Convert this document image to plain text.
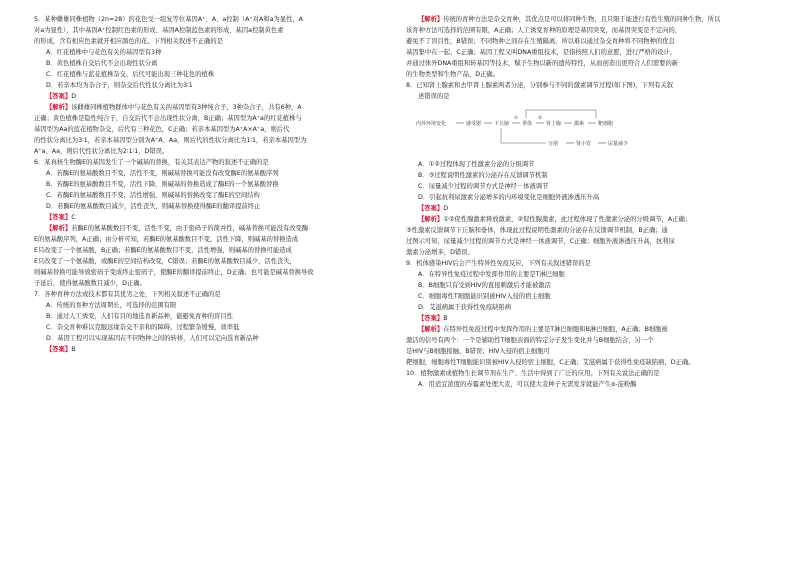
5．某种雌雄同株植物（2n=28）的花色受一组复等位基因A⁺、A、a控制（A⁺对A和a为显性，A
对a为显性），其中基因A⁺控制红色素的形成、基因A控制蓝色素的形成、基因a控制黄色素
的形成，含有相应色素就开相应颜色的花。下列相关叙述不正确的是
A．红花植株中与花色有关的基因型有3种
B．黄色植株自交后代不会出现性状分离
C．红花植株与蓝花植株杂交，后代可能出现三种花色的植株
D．若亲本均为杂合子，则杂交后代性状分离比为3∶1
【答案】D
【解析】该雌雄同株植物群体中与花色有关的基因型有3种纯合子，3种杂合子，共有6种，A
正确；黄色植株是隐性纯合子，自交后代不会出现性状分离，B正确；基因型为A⁺a的红花植株与
基因型为Aa的蓝花植物杂交，后代有三种花色，C正确；若亲本基因型为A⁺A×A⁺a，则后代
的性状分离比为3∶1，若亲本基因型分别为A⁺A、Aa，则后代的性状分离比为1∶1，若亲本基因型为
A⁺a、Aa，则后代性状分离比为2∶1∶1，D错误。
6．某真核生物酶E的基因发生了一个碱基的替换，有关其表达产物的叙述不正确的是
A．若酶E的氨基酸数目不变，活性不变，则碱基替换可能没有改变酶E的氨基酸序列
B．若酶E的氨基酸数目不变，活性下降，则碱基的替换造成了酶E的一个氨基酸替换
C．若酶E的氨基酸数目不变，活性增强，则碱基的替换改变了酶E的空间结构
D．若酶E的氨基酸数目减少，活性丧失，则碱基替换使得酶E的翻译提前终止
【答案】C
【解析】若酶E的氨基酸数目不变，活性不变，由于密码子的简并性，碱基替换可能没有改变酶
E的氨基酸序列，A正确；由分析可知，若酶E的氨基酸数目不变，活性下降，则碱基的替换造成
E只改变了一个氨基酸，B正确；若酶E的氨基酸数目不变，活性增强，则碱基的替换可能造成
E只改变了一个氨基酸，或酶E的空间结构改变，C错误；若酶E的氨基酸数目减少，活性丧失，
则碱基替换可能导致密码子变成终止密码子，使酶E的翻译提前终止，D正确；也可能是碱基替换导致
子延后，使得氨基酸数目减少，D正确。
7．各种育种方法或技术都有其优劣之处，下列相关叙述不正确的是
A．传统的育种方法周期长，可选择的范围有限
B．通过人工诱变，人们有目的地选育新品种，能避免育种的盲目性
C．杂交育种难以克服远缘杂交不亲和的障碍，过程繁杂缓慢，效率低
D．基因工程可以实现基因在不同物种之间的转移，人们可以定向选育新品种
【答案】B
【解析】传统的育种方法是杂交育种，其优点是可以将同种生物，且只限于能进行有性生殖的同种生物，所以
该育种方法可选择的范围有限，A正确；人工诱变育种的原理是基因突变，而基因突变是不定向的，
避免不了盲目性，B错误；不同物种之间存在生殖隔离，所以难以通过杂交育种将不同物种的优良
基因集中在一起，C正确；基因工程又叫DNA重组技术，是指按照人们的意愿，进行严格的设计，
并通过体外DNA重组和转基因等技术，赋予生物以新的遗传特性，从而创造出更符合人们需要的新
的生物类型和生物产品，D正确。
8．已知肾上腺素和去甲肾上腺素两者分泌，分别参与不同的激素调节过程(如下图)，下列有关叙
述错误的是
内外环境变化	感受器	下丘脑
①
垂体
②
肾上腺	激素	靶细胞
分泌	肾小管	尿量减少
A．①②过程体现了性激素分泌的分级调节
B．③过程说明性激素的分泌存在反馈调节机制
C．尿量减少过程的调节方式是神经－体液调节
D．引起抗利尿激素分泌增多的内环境变化是细胞外液渗透压升高
【答案】D
【解析】①②促性腺激素释放激素，②促性腺激素，此过程体现了性激素分泌的分级调节，A正确；
③性激素反馈调节下丘脑和垂体，体现此过程说明性激素的分泌存在反馈调节机制，B正确；通
过图示可知，尿量减少过程的调节方式是神经－体液调节，C正确；细胞外液渗透压升高，抗利尿
激素分泌增多，D错误。
9．机体感染HIV后会产生特异性免疫反应，下列有关叙述错误的是
A．在特异性免疫过程中发挥作用的主要是T淋巴细胞
B．B细胞只有受到HIV的直接刺激后才能被激活
C．细胞毒性T细胞能识别被HIV入侵的宿主细胞
D．艾滋病属于获得性免疫缺陷病
【答案】B
【解析】在特异性免疫过程中发挥作用的主要是T淋巴细胞和B淋巴细胞，A正确；B细胞被
激活的信号有两个：一个是辅助性T细胞表面的特定分子发生变化并与B细胞结合，另一个
是HIV与B细胞接触，B错误；HIV入侵的宿主细胞可
靶细胞，细胞毒性T细胞能识别被HIV入侵的宿主细胞，C正确；艾滋病属于获得性免疫缺陷病，D正确。
10．植物激素或植物生长调节剂在生产、生活中得到了广泛的应用。下列有关说法正确的是
A．用适宜浓度的赤霉素处理大麦，可以使大麦种子无需发芽就能产生α-淀粉酶
